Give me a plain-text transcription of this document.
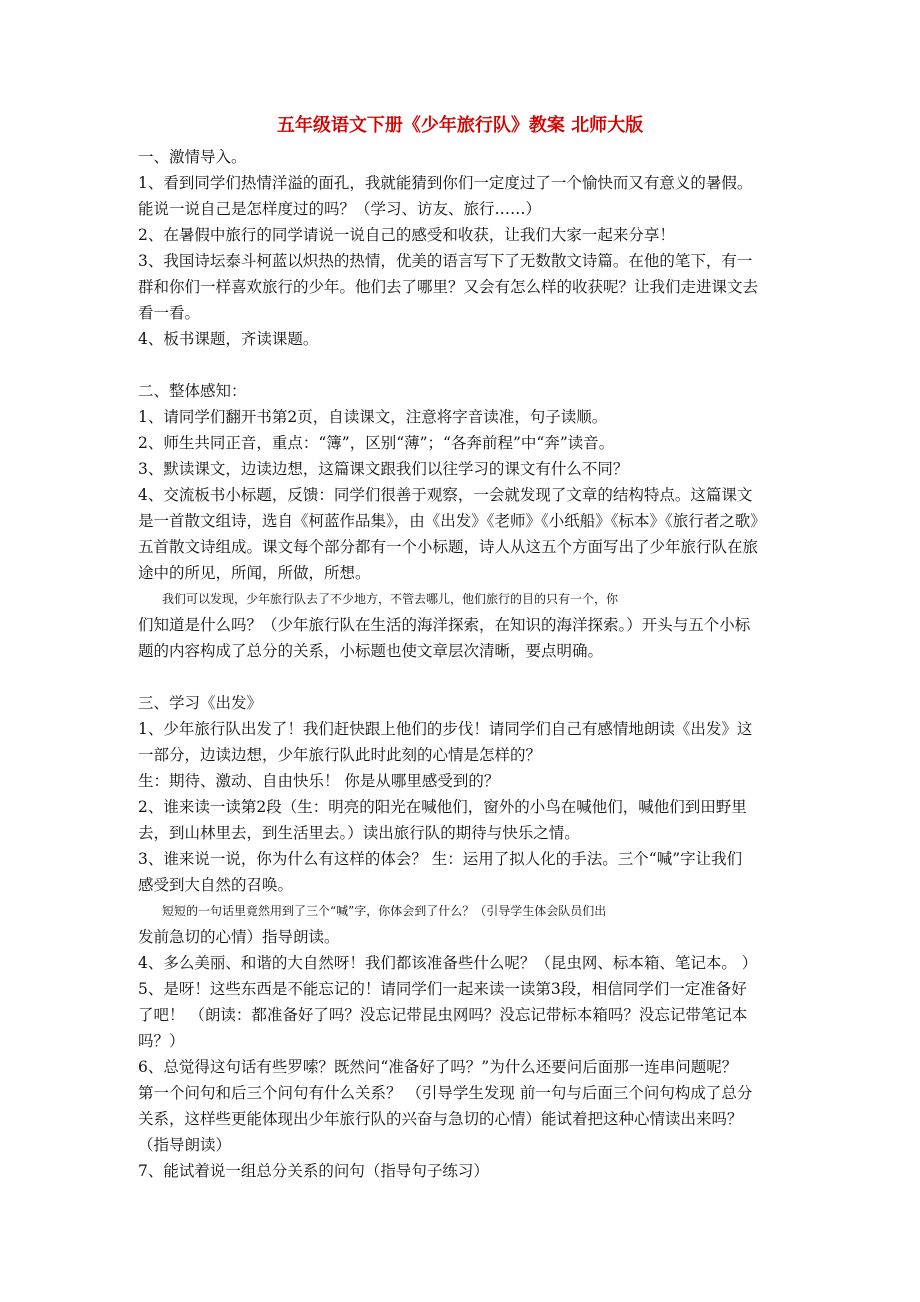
五年级语文下册《少年旅行队》教案 北师大版
一、激情导入。
1、看到同学们热情洋溢的面孔，我就能猜到你们一定度过了一个愉快而又有意义的暑假。
能说一说自己是怎样度过的吗？（学习、访友、旅行……）
2、在暑假中旅行的同学请说一说自己的感受和收获，让我们大家一起来分享！
3、我国诗坛泰斗柯蓝以炽热的热情，优美的语言写下了无数散文诗篇。在他的笔下，有一
群和你们一样喜欢旅行的少年。他们去了哪里？又会有怎么样的收获呢？让我们走进课文去
看一看。
4、板书课题，齐读课题。
二、整体感知：
1、请同学们翻开书第2页，自读课文，注意将字音读准，句子读顺。
2、师生共同正音，重点：“簿”，区别“薄”；“各奔前程”中“奔”读音。
3、默读课文，边读边想，这篇课文跟我们以往学习的课文有什么不同？
4、交流板书小标题，反馈：同学们很善于观察，一会就发现了文章的结构特点。这篇课文
是一首散文组诗，选自《柯蓝作品集》，由《出发》《老师》《小纸船》《标本》《旅行者之歌》
五首散文诗组成。课文每个部分都有一个小标题，诗人从这五个方面写出了少年旅行队在旅
途中的所见，所闻，所做，所想。
我们可以发现，少年旅行队去了不少地方，不管去哪儿，他们旅行的目的只有一个，你
们知道是什么吗？（少年旅行队在生活的海洋探索，在知识的海洋探索。）开头与五个小标
题的内容构成了总分的关系，小标题也使文章层次清晰，要点明确。
三、学习《出发》
1、少年旅行队出发了！我们赶快跟上他们的步伐！请同学们自己有感情地朗读《出发》这
一部分，边读边想，少年旅行队此时此刻的心情是怎样的？
生：期待、激动、自由快乐！ 你是从哪里感受到的？
2、谁来读一读第2段（生：明亮的阳光在喊他们，窗外的小鸟在喊他们，喊他们到田野里
去，到山林里去，到生活里去。）读出旅行队的期待与快乐之情。
3、谁来说一说，你为什么有这样的体会？ 生：运用了拟人化的手法。三个“喊”字让我们
感受到大自然的召唤。
短短的一句话里竟然用到了三个“喊”字，你体会到了什么？（引导学生体会队员们出
发前急切的心情）指导朗读。
4、多么美丽、和谐的大自然呀！我们都该准备些什么呢？（昆虫网、标本箱、笔记本。 ）
5、是呀！这些东西是不能忘记的！请同学们一起来读一读第3段，相信同学们一定准备好
了吧！ （朗读：都准备好了吗？没忘记带昆虫网吗？没忘记带标本箱吗？没忘记带笔记本
吗？）
6、总觉得这句话有些罗嗦？既然问“准备好了吗？”为什么还要问后面那一连串问题呢？
第一个问句和后三个问句有什么关系？ （引导学生发现 前一句与后面三个问句构成了总分
关系，这样些更能体现出少年旅行队的兴奋与急切的心情）能试着把这种心情读出来吗？
（指导朗读）
7、能试着说一组总分关系的问句（指导句子练习）
